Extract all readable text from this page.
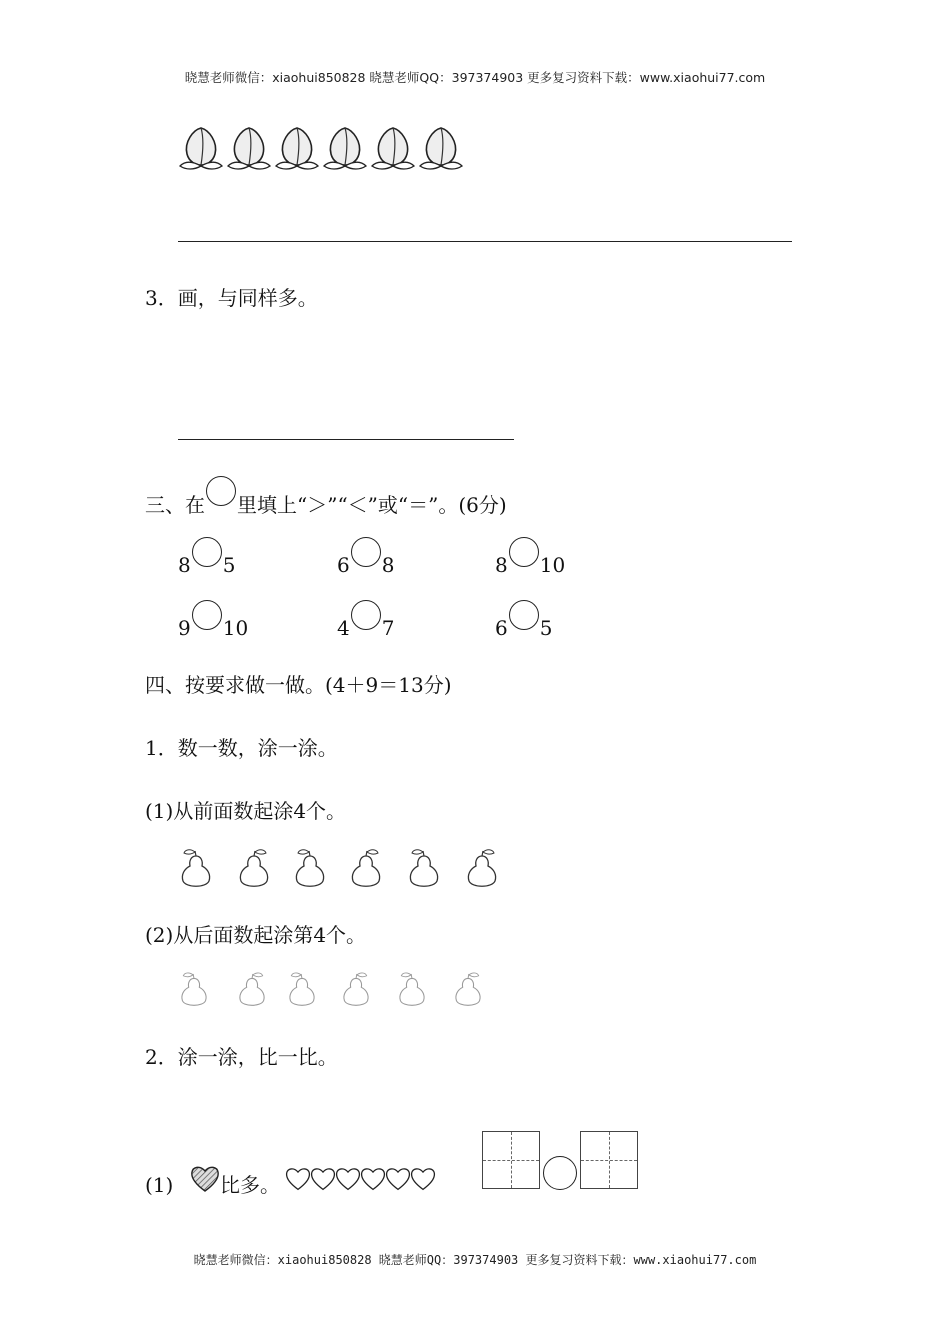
晓慧老师微信：xiaohui850828 晓慧老师QQ：397374903 更多复习资料下载：www.xiaohui77.com
3．画，与同样多。
三、在 里填上“＞”“＜”或“＝”。(6分)
8 5	6 8	8 10
9 10	4 7	6 5
四、按要求做一做。(4＋9＝13分)
1．数一数，涂一涂。
(1)从前面数起涂4个。
(2)从后面数起涂第4个。
2．涂一涂，比一比。
(1) 比多。
晓慧老师微信：xiaohui850828 晓慧老师QQ：397374903 更多复习资料下载：www.xiaohui77.com
